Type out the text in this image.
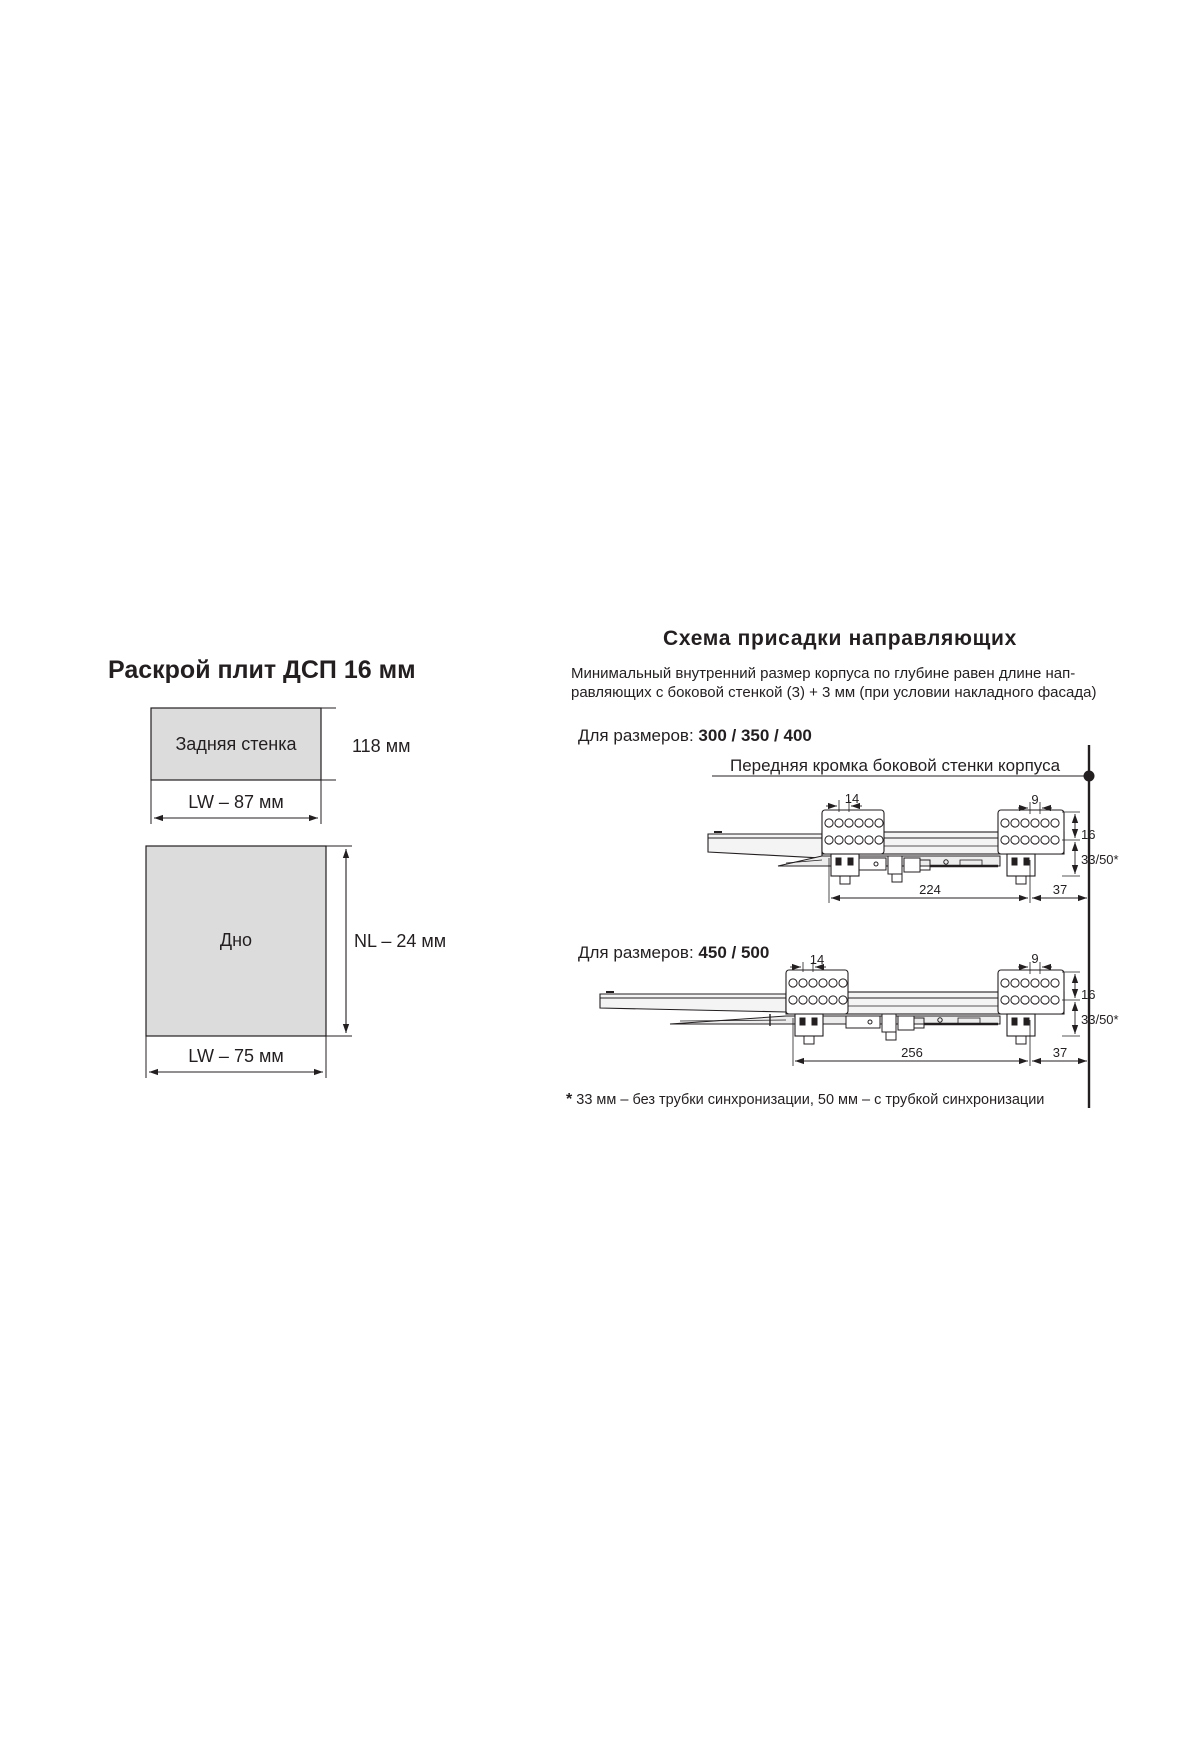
Раскрой плит ДСП 16 мм
Схема присадки направляющих
Минимальный внутренний размер корпуса по глубине равен длине нап-
равляющих с боковой стенкой (3) + 3 мм (при условии накладного фасада)
Для размеров: 300 / 350 / 400
Для размеров: 450 / 500
Передняя кромка боковой стенки корпуса
* 33 мм – без трубки синхронизации, 50 мм – с трубкой синхронизации
Задняя стенка	118 мм
LW – 87 мм
Дно	NL – 24 мм
LW – 75 мм
14	9
16
33/50*
224	37
14	9
16
33/50*
256	37
